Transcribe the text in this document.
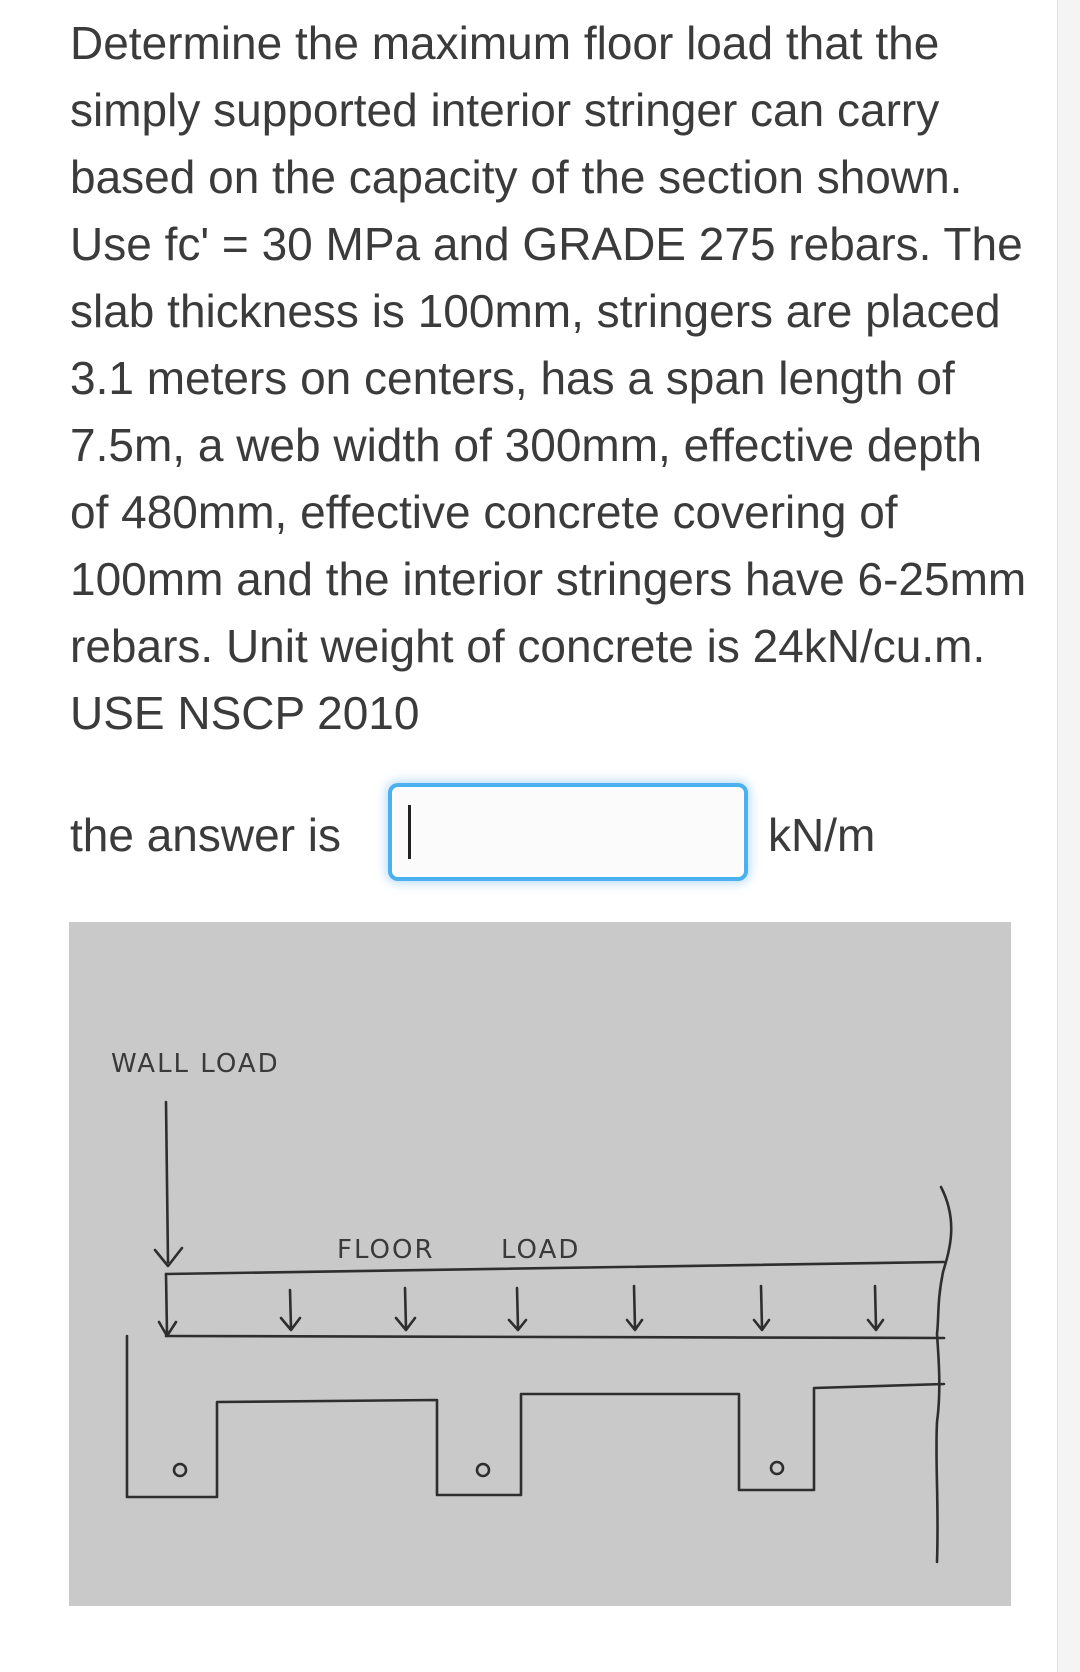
Determine the maximum floor load that the simply supported interior stringer can carry based on the capacity of the section shown. Use fc' = 30 MPa and GRADE 275 rebars. The slab thickness is 100mm, stringers are placed 3.1 meters on centers, has a span length of 7.5m, a web width of 300mm, effective depth of 480mm, effective concrete covering of 100mm and the interior stringers have 6-25mm rebars. Unit weight of concrete is 24kN/cu.m. USE NSCP 2010

the answer is	kN/m
WALL LOAD
FLOOR	LOAD
